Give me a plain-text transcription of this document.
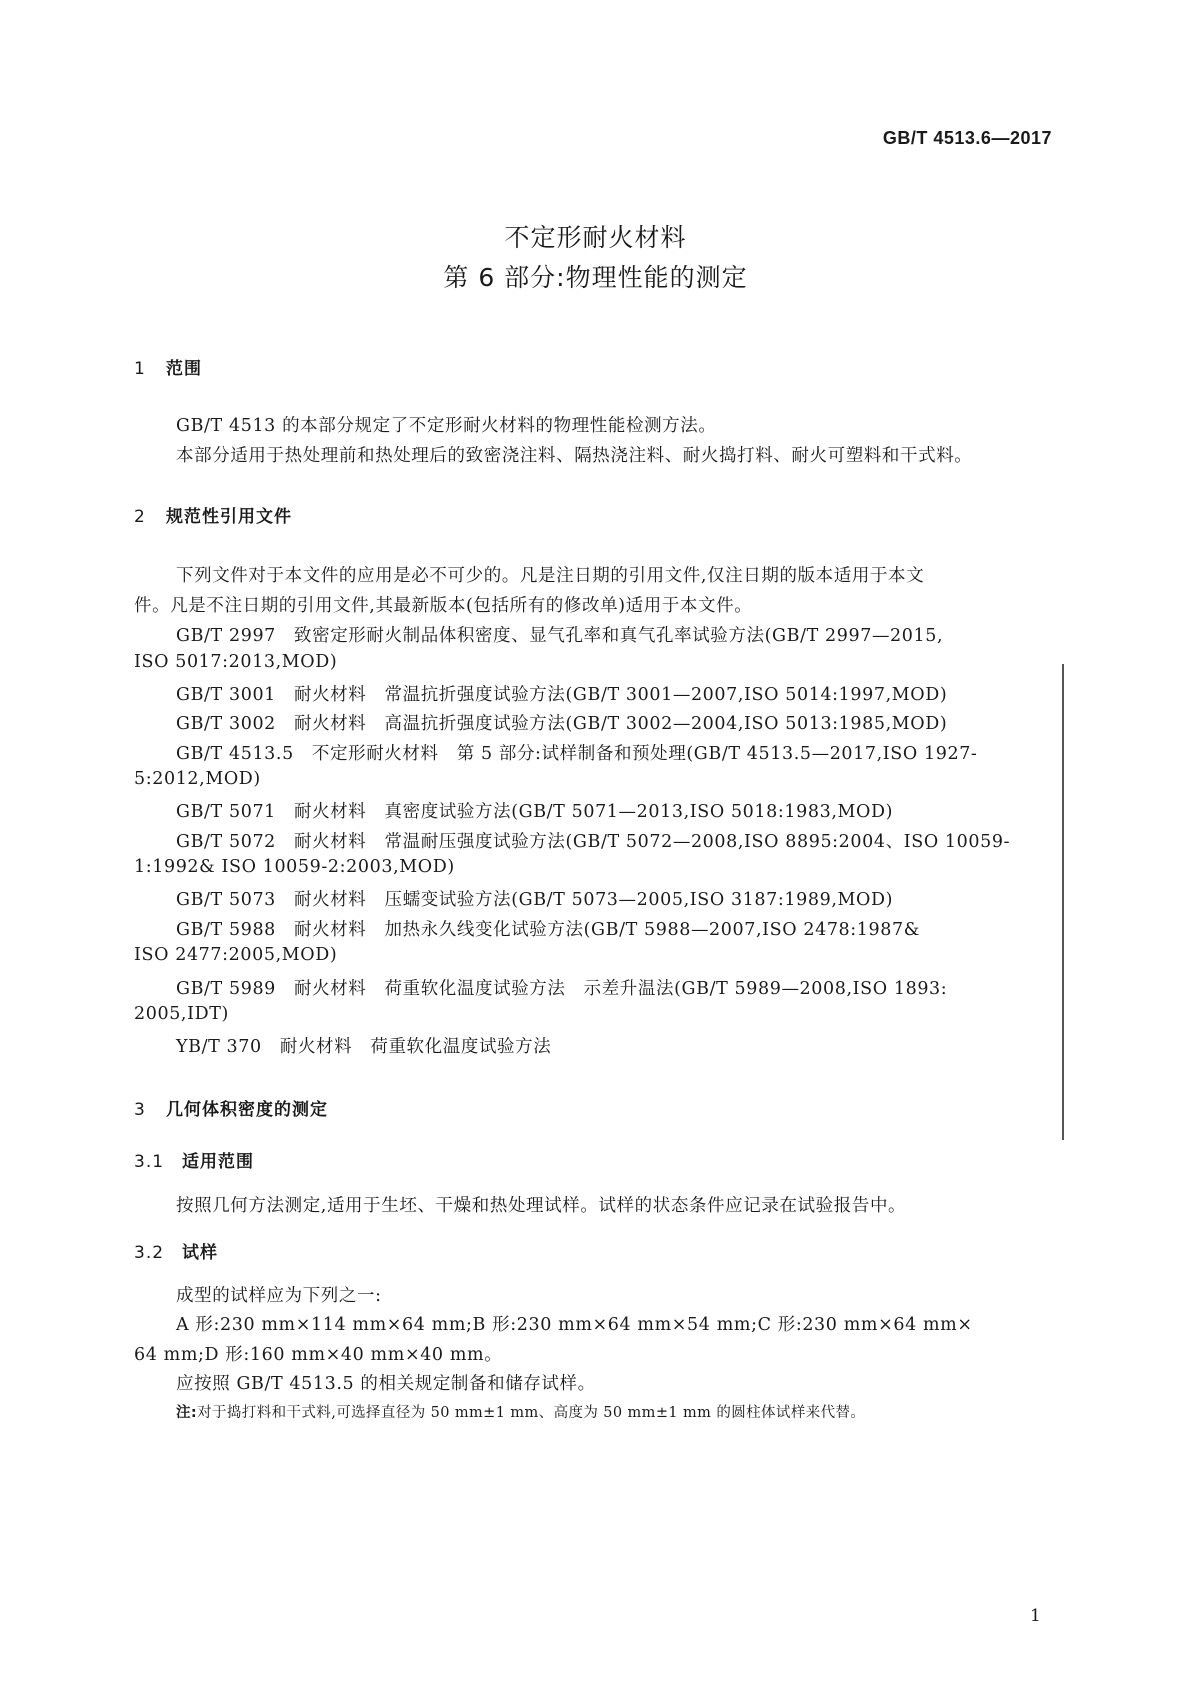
GB/T 4513.6—2017
不定形耐火材料
第 6 部分:物理性能的测定
1 范围
GB/T 4513 的本部分规定了不定形耐火材料的物理性能检测方法。
本部分适用于热处理前和热处理后的致密浇注料、隔热浇注料、耐火捣打料、耐火可塑料和干式料。
2 规范性引用文件
下列文件对于本文件的应用是必不可少的。凡是注日期的引用文件,仅注日期的版本适用于本文
件。凡是不注日期的引用文件,其最新版本(包括所有的修改单)适用于本文件。
GB/T 2997　致密定形耐火制品体积密度、显气孔率和真气孔率试验方法(GB/T 2997—2015,
ISO 5017:2013,MOD)
GB/T 3001　耐火材料　常温抗折强度试验方法(GB/T 3001—2007,ISO 5014:1997,MOD)
GB/T 3002　耐火材料　高温抗折强度试验方法(GB/T 3002—2004,ISO 5013:1985,MOD)
GB/T 4513.5　不定形耐火材料　第 5 部分:试样制备和预处理(GB/T 4513.5—2017,ISO 1927-
5:2012,MOD)
GB/T 5071　耐火材料　真密度试验方法(GB/T 5071—2013,ISO 5018:1983,MOD)
GB/T 5072　耐火材料　常温耐压强度试验方法(GB/T 5072—2008,ISO 8895:2004、ISO 10059-
1:1992& ISO 10059-2:2003,MOD)
GB/T 5073　耐火材料　压蠕变试验方法(GB/T 5073—2005,ISO 3187:1989,MOD)
GB/T 5988　耐火材料　加热永久线变化试验方法(GB/T 5988—2007,ISO 2478:1987&
ISO 2477:2005,MOD)
GB/T 5989　耐火材料　荷重软化温度试验方法　示差升温法(GB/T 5989—2008,ISO 1893:
2005,IDT)
YB/T 370　耐火材料　荷重软化温度试验方法
3 几何体积密度的测定
3.1 适用范围
按照几何方法测定,适用于生坯、干燥和热处理试样。试样的状态条件应记录在试验报告中。
3.2 试样
成型的试样应为下列之一:
A 形:230 mm×114 mm×64 mm;B 形:230 mm×64 mm×54 mm;C 形:230 mm×64 mm×
64 mm;D 形:160 mm×40 mm×40 mm。
应按照 GB/T 4513.5 的相关规定制备和储存试样。
注:对于捣打料和干式料,可选择直径为 50 mm±1 mm、高度为 50 mm±1 mm 的圆柱体试样来代替。
1
